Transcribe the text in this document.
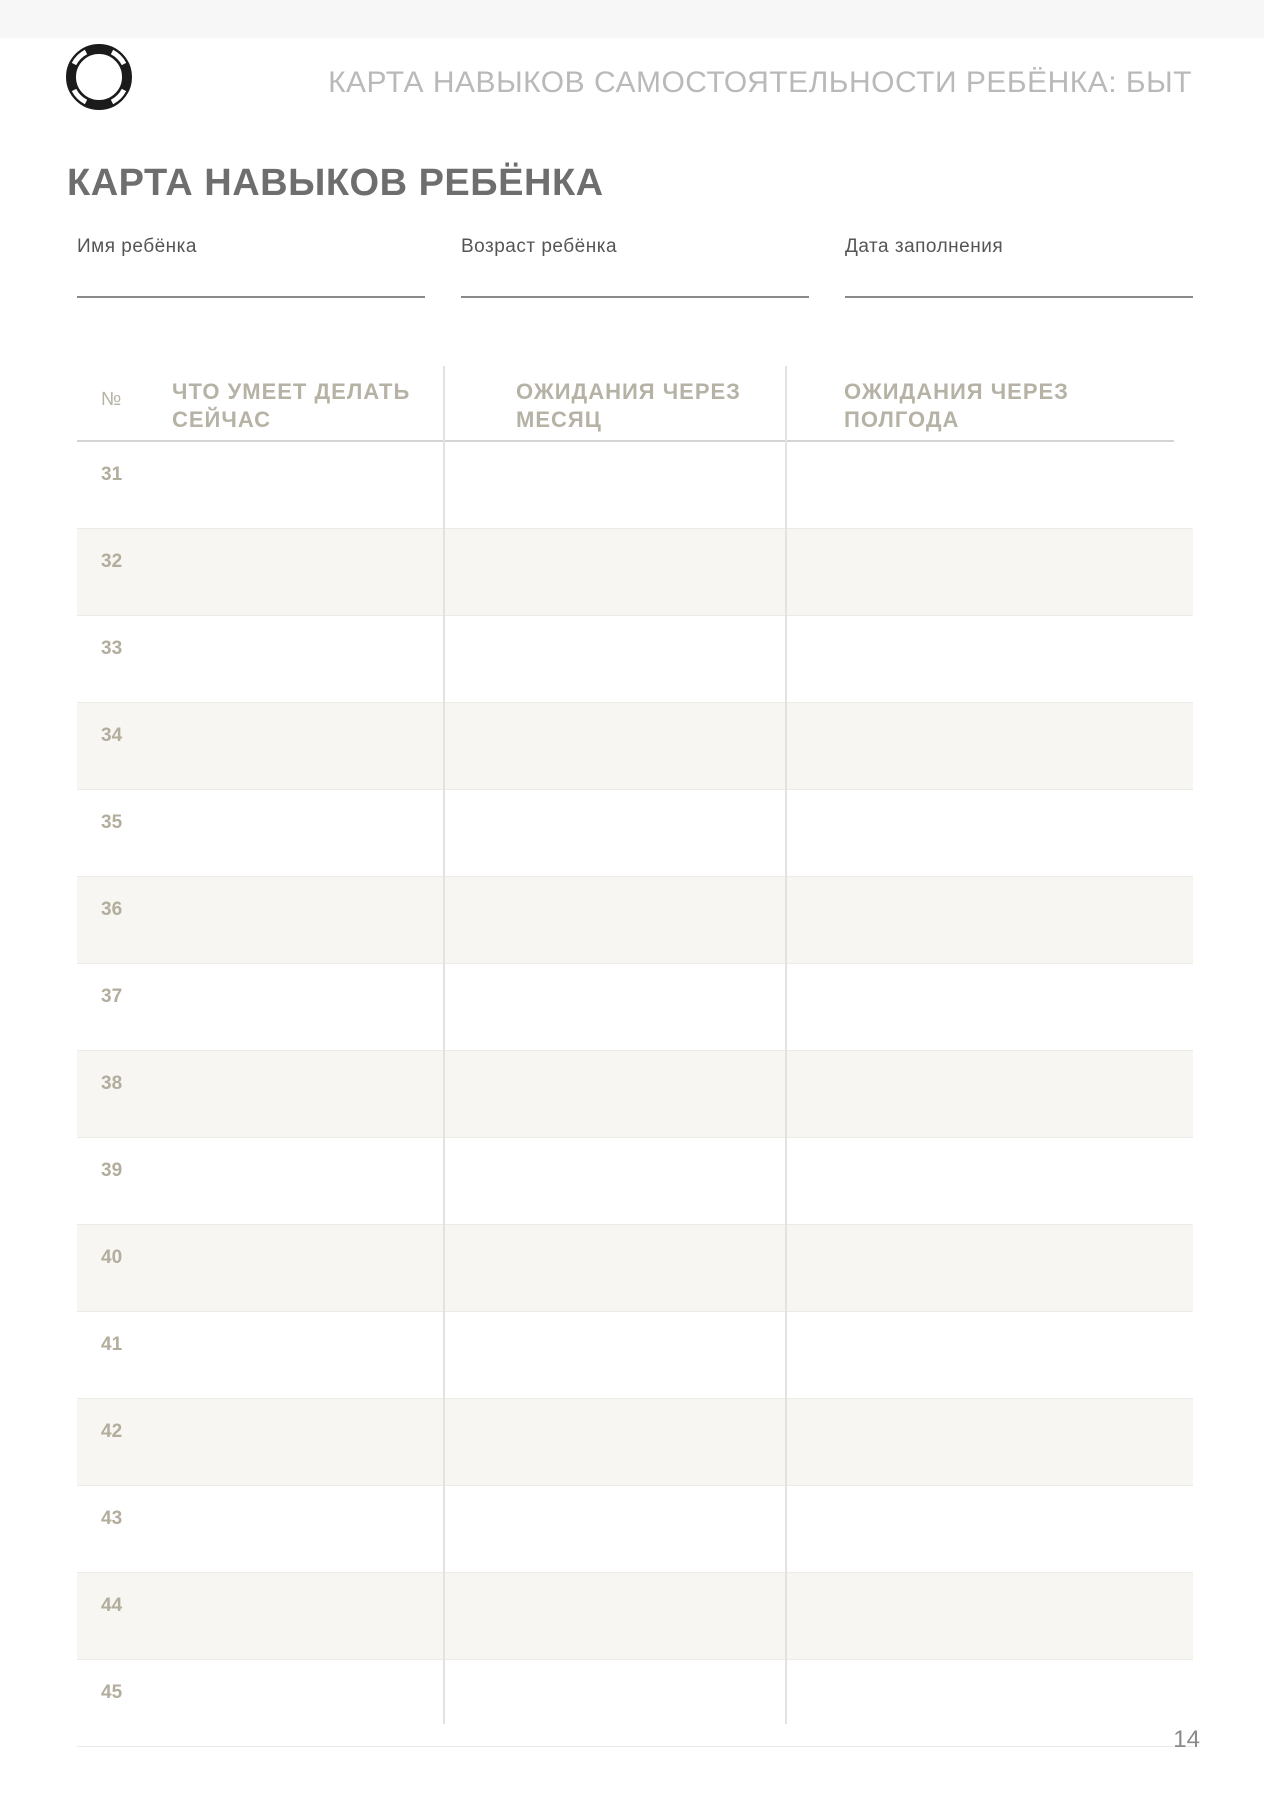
КАРТА НАВЫКОВ САМОСТОЯТЕЛЬНОСТИ РЕБЁНКА: БЫТ
КАРТА НАВЫКОВ РЕБЁНКА
Имя ребёнка	Возраст ребёнка	Дата заполнения
№ ЧТО УМЕЕТ ДЕЛАТЬ СЕЙЧАС
ОЖИДАНИЯ ЧЕРЕЗ МЕСЯЦ
ОЖИДАНИЯ ЧЕРЕЗ ПОЛГОДА
31
32
33
34
35
36
37
38
39
40
41
42
43
44
45
14
